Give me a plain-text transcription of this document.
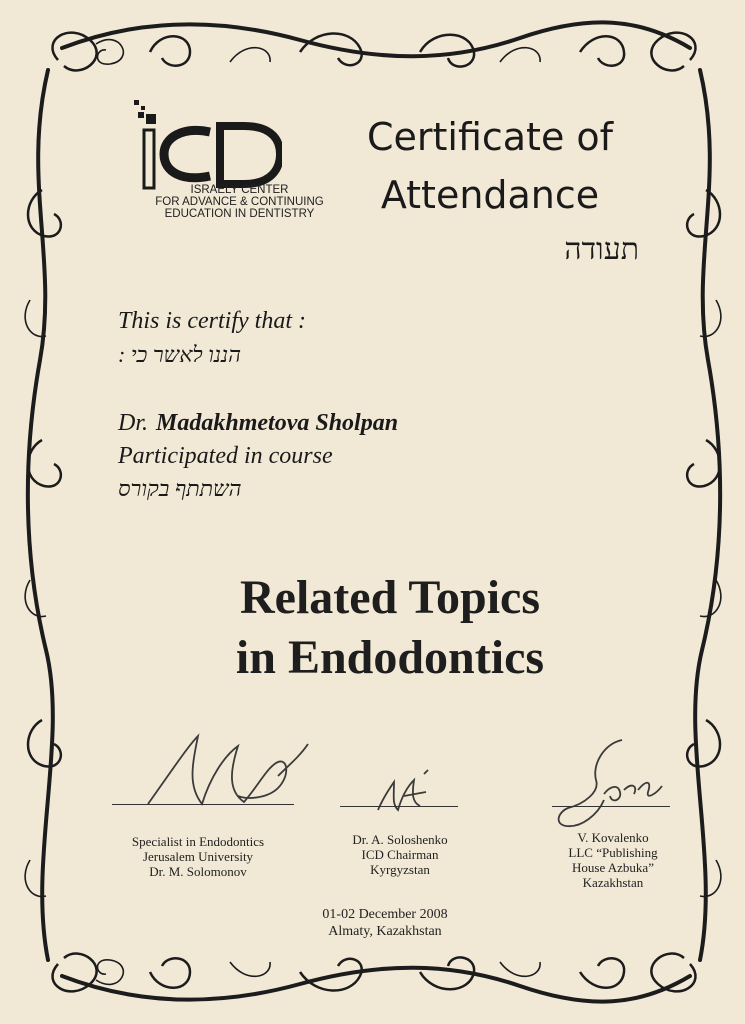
ISRAELY CENTER
FOR ADVANCE & CONTINUING
EDUCATION IN DENTISTRY
Certificate of
Attendance
תעודה
This is certify that :
הננו לאשר כי :
Dr. Madakhmetova Sholpan
Participated in course
השתתף בקורס
Related Topics
in Endodontics
Specialist in Endodontics
Jerusalem University
Dr. M. Solomonov
Dr. A. Soloshenko
ICD Chairman
Kyrgyzstan
V. Kovalenko
LLC “Publishing
House Azbuka”
Kazakhstan
01-02 December 2008
Almaty, Kazakhstan
